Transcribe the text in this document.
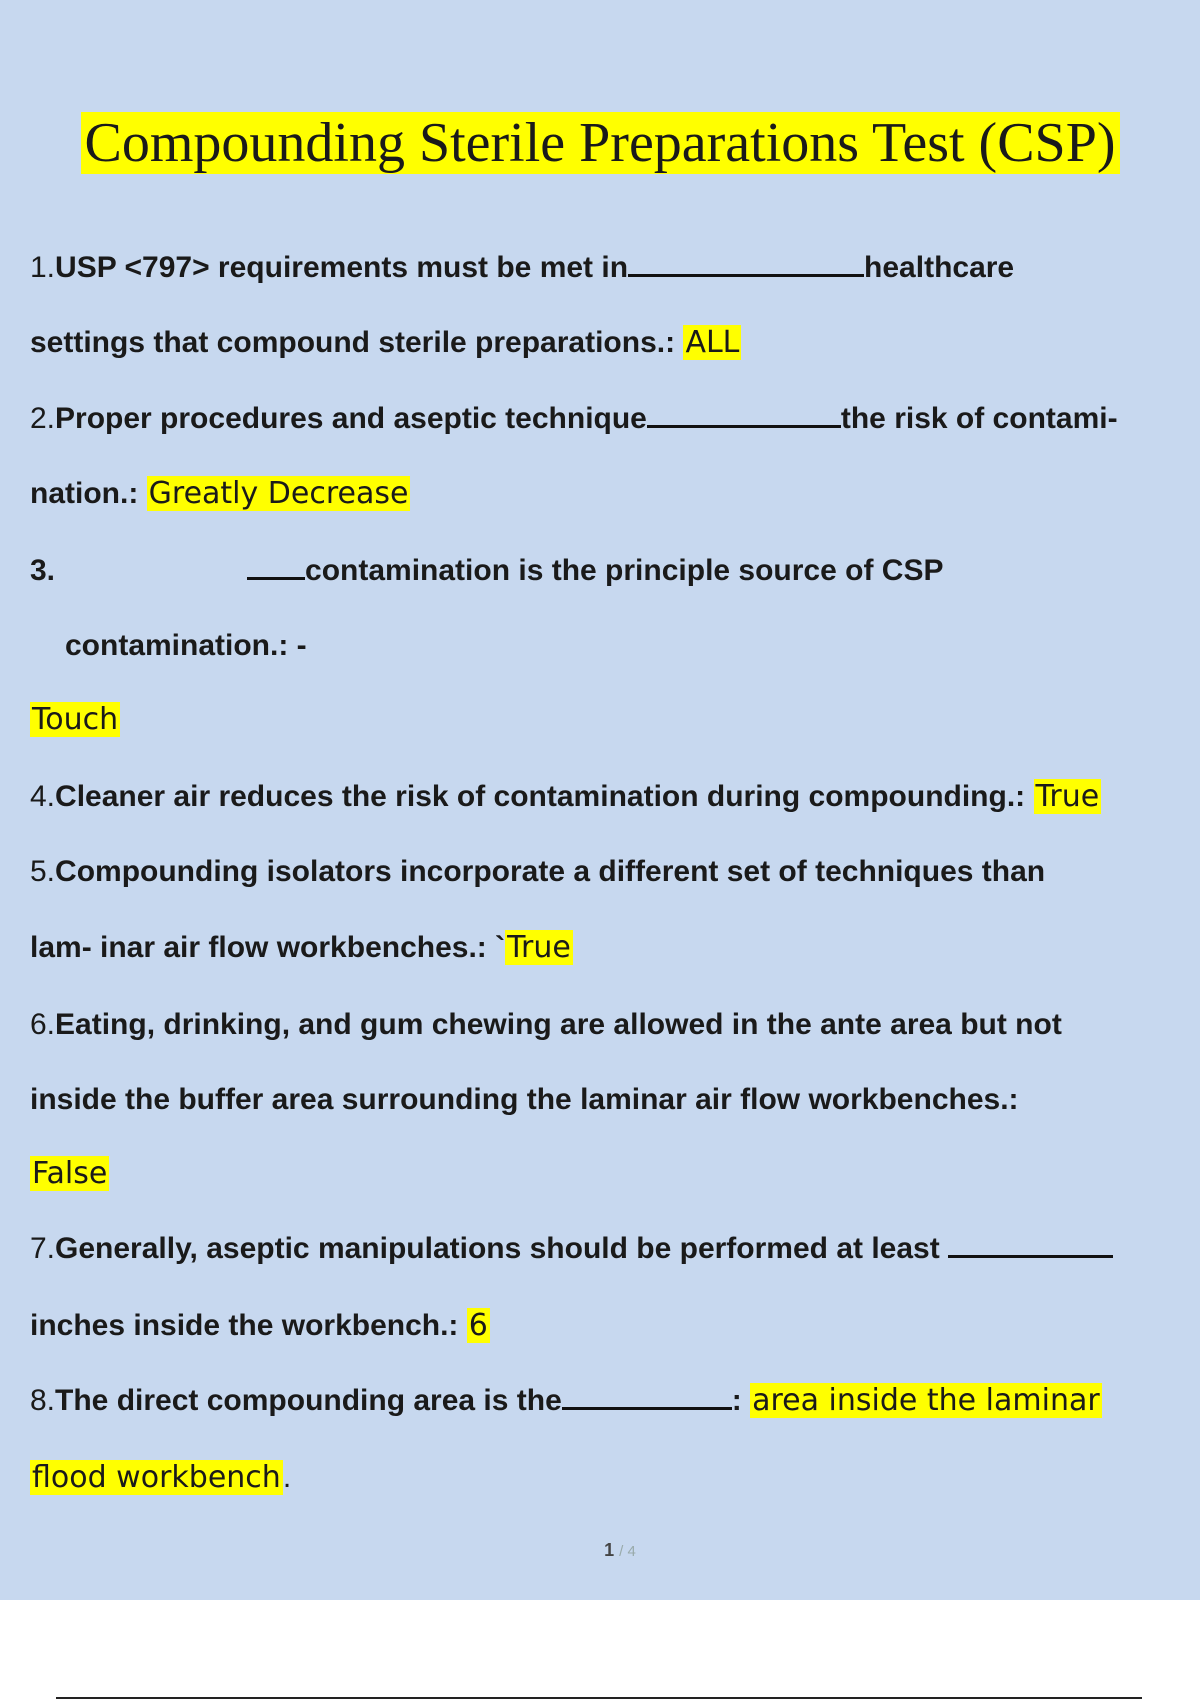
Compounding Sterile Preparations Test (CSP)
1.USP <797> requirements must be met in	healthcare
settings that compound sterile preparations.: ALL
2.Proper procedures and aseptic technique	the risk of contami-
nation.: Greatly Decrease
3.	contamination is the principle source of CSP
contamination.: -
Touch
4.Cleaner air reduces the risk of contamination during compounding.: True
5.Compounding isolators incorporate a different set of techniques than
lam- inar air flow workbenches.: `True
6.Eating, drinking, and gum chewing are allowed in the ante area but not
inside the buffer area surrounding the laminar air flow workbenches.:
False
7.Generally, aseptic manipulations should be performed at least
inches inside the workbench.: 6
8.The direct compounding area is the	: area inside the laminar
flood workbench.
1 / 4
